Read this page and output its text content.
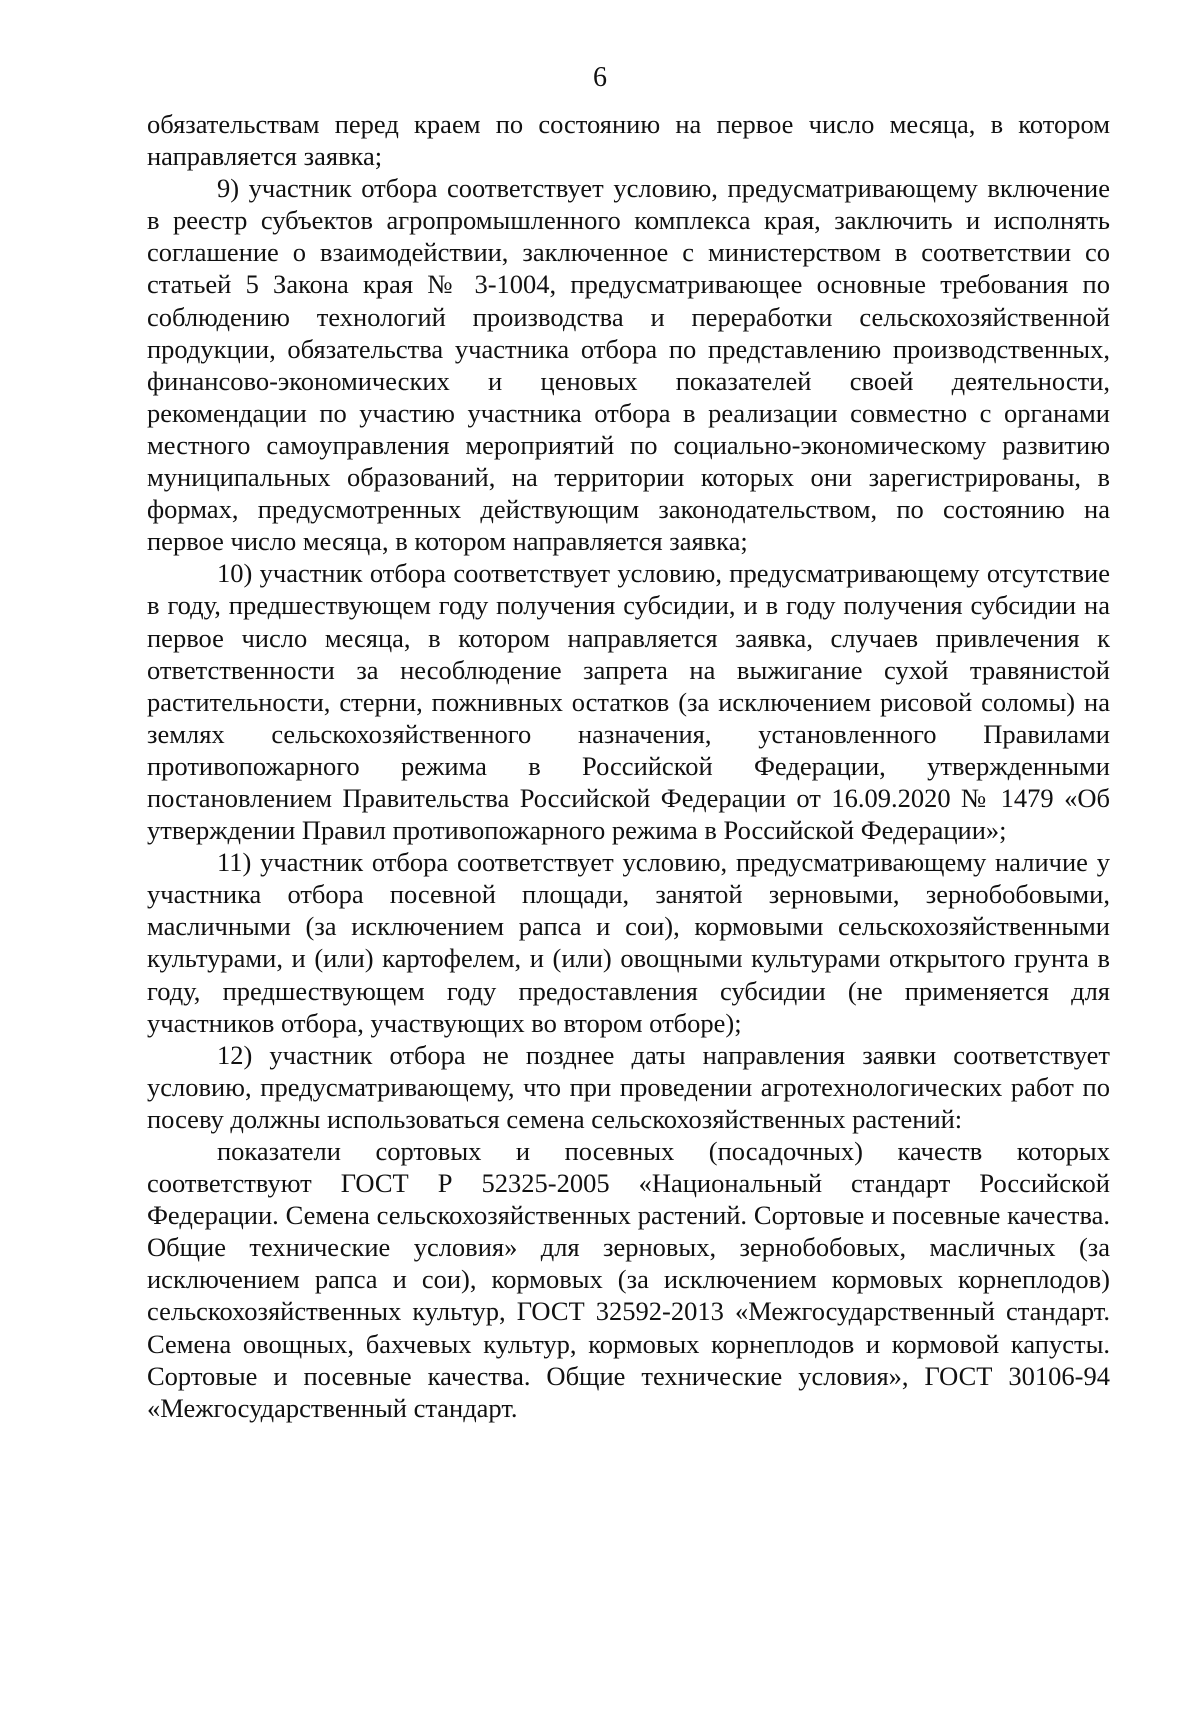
6

обязательствам перед краем по состоянию на первое число месяца, в котором направляется заявка;

9) участник отбора соответствует условию, предусматривающему включение в реестр субъектов агропромышленного комплекса края, заключить и исполнять соглашение о взаимодействии, заключенное с министерством в соответствии со статьей 5 Закона края № 3-1004, предусматривающее основные требования по соблюдению технологий производства и переработки сельскохозяйственной продукции, обязательства участника отбора по представлению производственных, финансово-экономических и ценовых показателей своей деятельности, рекомендации по участию участника отбора в реализации совместно с органами местного самоуправления мероприятий по социально-экономическому развитию муниципальных образований, на территории которых они зарегистрированы, в формах, предусмотренных действующим законодательством, по состоянию на первое число месяца, в котором направляется заявка;

10) участник отбора соответствует условию, предусматривающему отсутствие в году, предшествующем году получения субсидии, и в году получения субсидии на первое число месяца, в котором направляется заявка, случаев привлечения к ответственности за несоблюдение запрета на выжигание сухой травянистой растительности, стерни, пожнивных остатков (за исключением рисовой соломы) на землях сельскохозяйственного назначения, установленного Правилами противопожарного режима в Российской Федерации, утвержденными постановлением Правительства Российской Федерации от 16.09.2020 № 1479 «Об утверждении Правил противопожарного режима в Российской Федерации»;

11) участник отбора соответствует условию, предусматривающему наличие у участника отбора посевной площади, занятой зерновыми, зернобобовыми, масличными (за исключением рапса и сои), кормовыми сельскохозяйственными культурами, и (или) картофелем, и (или) овощными культурами открытого грунта в году, предшествующем году предоставления субсидии (не применяется для участников отбора, участвующих во втором отборе);

12) участник отбора не позднее даты направления заявки соответствует условию, предусматривающему, что при проведении агротехнологических работ по посеву должны использоваться семена сельскохозяйственных растений:

показатели сортовых и посевных (посадочных) качеств которых соответствуют ГОСТ Р 52325-2005 «Национальный стандарт Российской Федерации. Семена сельскохозяйственных растений. Сортовые и посевные качества. Общие технические условия» для зерновых, зернобобовых, масличных (за исключением рапса и сои), кормовых (за исключением кормовых корнеплодов) сельскохозяйственных культур, ГОСТ 32592-2013 «Межгосударственный стандарт. Семена овощных, бахчевых культур, кормовых корнеплодов и кормовой капусты. Сортовые и посевные качества. Общие технические условия», ГОСТ 30106-94 «Межгосударственный стандарт.
